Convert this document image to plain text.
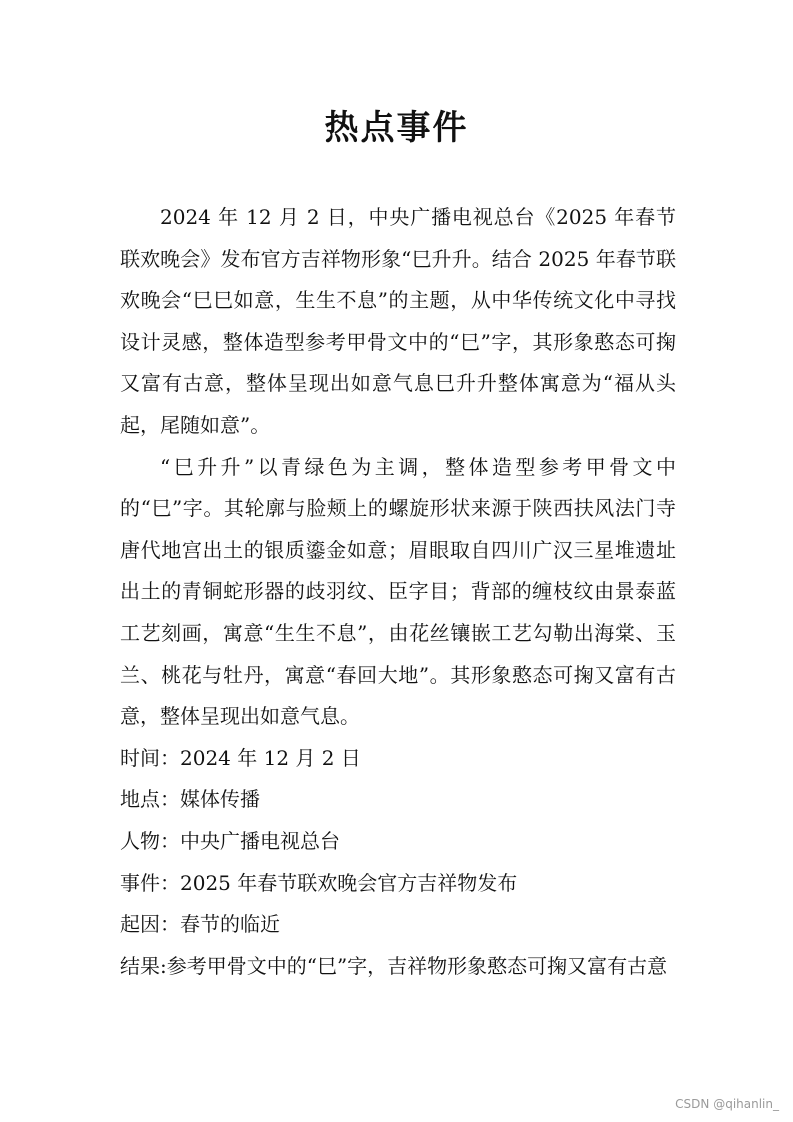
热点事件

2024 年 12 月 2 日，中央广播电视总台《2025 年春节联欢晚会》发布官方吉祥物形象“巳升升。结合 2025 年春节联欢晚会“巳巳如意，生生不息”的主题，从中华传统文化中寻找设计灵感，整体造型参考甲骨文中的“巳”字，其形象憨态可掬又富有古意，整体呈现出如意气息巳升升整体寓意为“福从头起，尾随如意”。

“巳升升”以青绿色为主调，整体造型参考甲骨文中的“巳”字。其轮廓与脸颊上的螺旋形状来源于陕西扶风法门寺唐代地宫出土的银质鎏金如意；眉眼取自四川广汉三星堆遗址出土的青铜蛇形器的歧羽纹、臣字目；背部的缠枝纹由景泰蓝工艺刻画，寓意“生生不息”，由花丝镶嵌工艺勾勒出海棠、玉兰、桃花与牡丹，寓意“春回大地”。其形象憨态可掬又富有古意，整体呈现出如意气息。

时间：2024 年 12 月 2 日

地点：媒体传播

人物：中央广播电视总台

事件：2025 年春节联欢晚会官方吉祥物发布

起因：春节的临近

结果:参考甲骨文中的“巳”字，吉祥物形象憨态可掬又富有古意

CSDN @qihanlin_
